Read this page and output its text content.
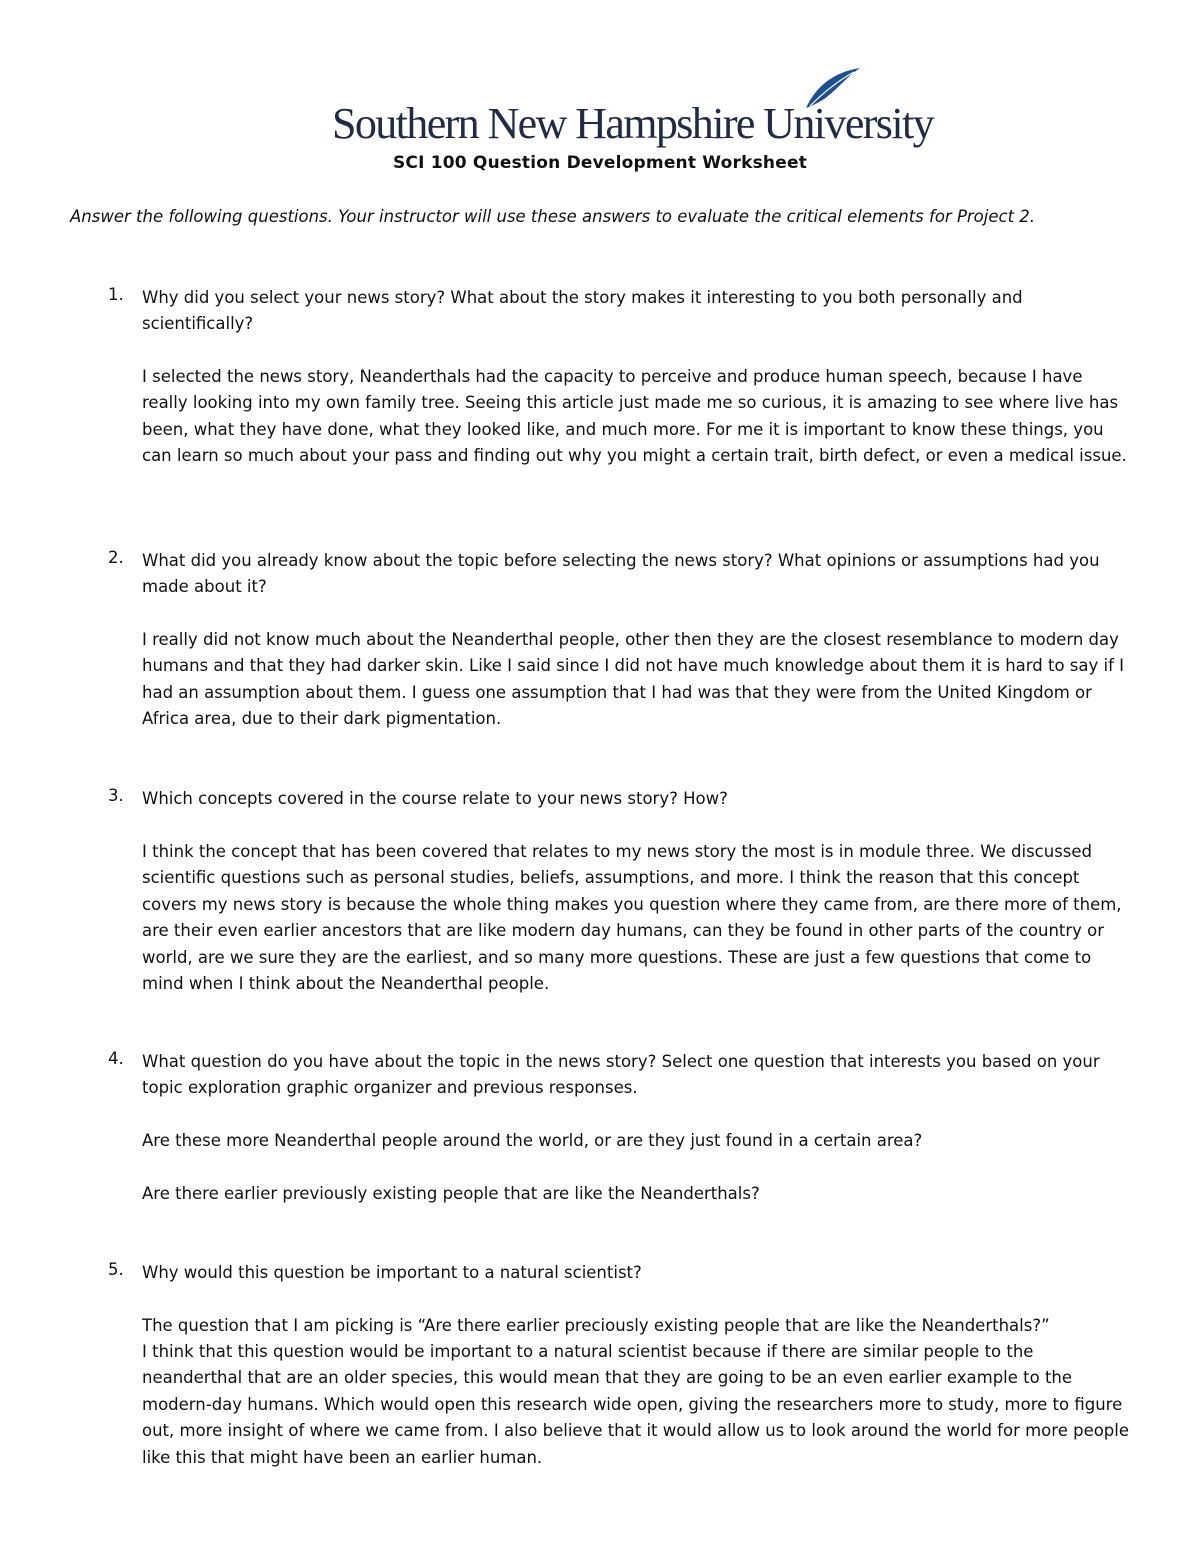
Southern New Hampshire University
SCI 100 Question Development Worksheet
Answer the following questions. Your instructor will use these answers to evaluate the critical elements for Project 2.
1. Why did you select your news story? What about the story makes it interesting to you both personally and scientifically?

I selected the news story, Neanderthals had the capacity to perceive and produce human speech, because I have really looking into my own family tree. Seeing this article just made me so curious, it is amazing to see where live has been, what they have done, what they looked like, and much more. For me it is important to know these things, you can learn so much about your pass and finding out why you might a certain trait, birth defect, or even a medical issue.

2. What did you already know about the topic before selecting the news story? What opinions or assumptions had you made about it?

I really did not know much about the Neanderthal people, other then they are the closest resemblance to modern day humans and that they had darker skin. Like I said since I did not have much knowledge about them it is hard to say if I had an assumption about them. I guess one assumption that I had was that they were from the United Kingdom or Africa area, due to their dark pigmentation.

3. Which concepts covered in the course relate to your news story? How?

I think the concept that has been covered that relates to my news story the most is in module three. We discussed scientific questions such as personal studies, beliefs, assumptions, and more. I think the reason that this concept covers my news story is because the whole thing makes you question where they came from, are there more of them, are their even earlier ancestors that are like modern day humans, can they be found in other parts of the country or world, are we sure they are the earliest, and so many more questions. These are just a few questions that come to mind when I think about the Neanderthal people.

4. What question do you have about the topic in the news story? Select one question that interests you based on your topic exploration graphic organizer and previous responses.

Are these more Neanderthal people around the world, or are they just found in a certain area?

Are there earlier previously existing people that are like the Neanderthals?

5. Why would this question be important to a natural scientist?

The question that I am picking is “Are there earlier preciously existing people that are like the Neanderthals?”

I think that this question would be important to a natural scientist because if there are similar people to the neanderthal that are an older species, this would mean that they are going to be an even earlier example to the modern-day humans. Which would open this research wide open, giving the researchers more to study, more to figure out, more insight of where we came from. I also believe that it would allow us to look around the world for more people like this that might have been an earlier human.
